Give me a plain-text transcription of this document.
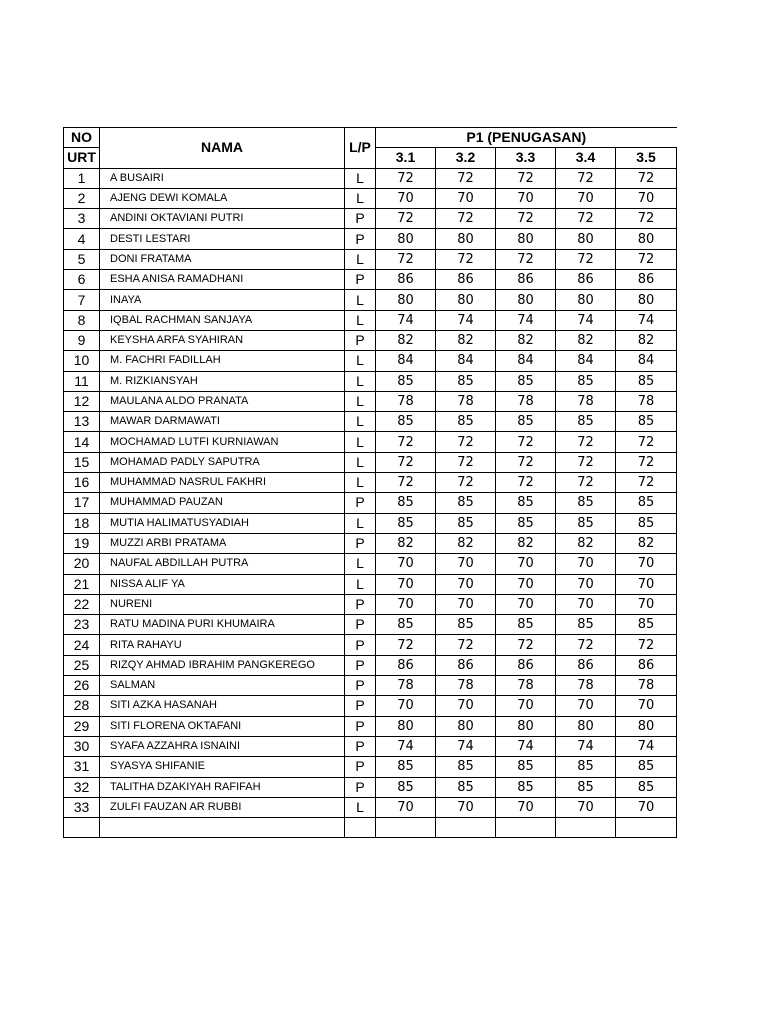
NO	NAMA	L/P	P1 (PENUGASAN)				
URT			3.1	3.2	3.3	3.4	3.5
1	A BUSAIRI	L	72	72	72	72	72
2	AJENG DEWI KOMALA	L	70	70	70	70	70
3	ANDINI OKTAVIANI PUTRI	P	72	72	72	72	72
4	DESTI LESTARI	P	80	80	80	80	80
5	DONI FRATAMA	L	72	72	72	72	72
6	ESHA ANISA RAMADHANI	P	86	86	86	86	86
7	INAYA	L	80	80	80	80	80
8	IQBAL RACHMAN SANJAYA	L	74	74	74	74	74
9	KEYSHA ARFA SYAHIRAN	P	82	82	82	82	82
10	M. FACHRI FADILLAH	L	84	84	84	84	84
11	M. RIZKIANSYAH	L	85	85	85	85	85
12	MAULANA ALDO PRANATA	L	78	78	78	78	78
13	MAWAR DARMAWATI	L	85	85	85	85	85
14	MOCHAMAD LUTFI KURNIAWAN	L	72	72	72	72	72
15	MOHAMAD PADLY SAPUTRA	L	72	72	72	72	72
16	MUHAMMAD NASRUL FAKHRI	L	72	72	72	72	72
17	MUHAMMAD PAUZAN	P	85	85	85	85	85
18	MUTIA HALIMATUSYADIAH	L	85	85	85	85	85
19	MUZZI ARBI PRATAMA	P	82	82	82	82	82
20	NAUFAL ABDILLAH PUTRA	L	70	70	70	70	70
21	NISSA ALIF YA	L	70	70	70	70	70
22	NURENI	P	70	70	70	70	70
23	RATU MADINA PURI KHUMAIRA	P	85	85	85	85	85
24	RITA RAHAYU	P	72	72	72	72	72
25	RIZQY AHMAD IBRAHIM PANGKEREGO	P	86	86	86	86	86
26	SALMAN	P	78	78	78	78	78
28	SITI AZKA HASANAH	P	70	70	70	70	70
29	SITI FLORENA OKTAFANI	P	80	80	80	80	80
30	SYAFA AZZAHRA ISNAINI	P	74	74	74	74	74
31	SYASYA SHIFANIE	P	85	85	85	85	85
32	TALITHA DZAKIYAH RAFIFAH	P	85	85	85	85	85
33	ZULFI FAUZAN AR RUBBI	L	70	70	70	70	70
